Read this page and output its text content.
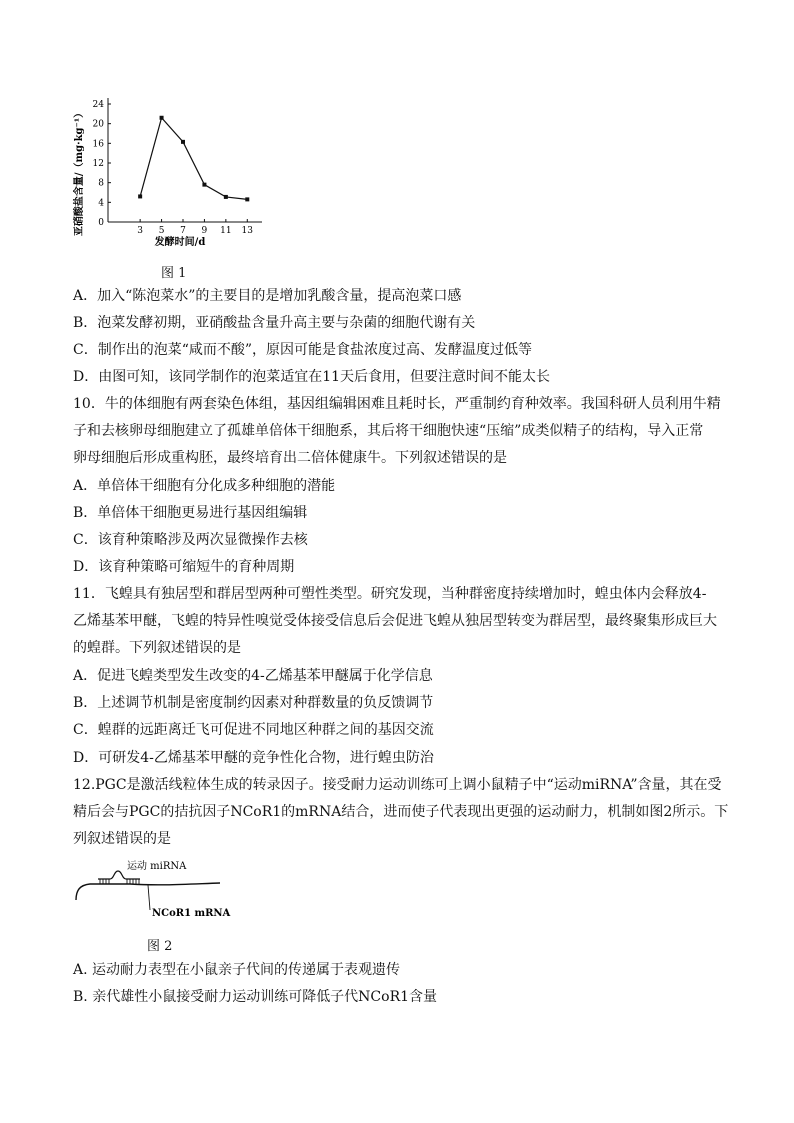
0
4
8
12
16
20
24
3 5 7 9 11 13
亚硝酸盐含量/（mg·kg⁻¹）
发酵时间/d
图 1
A．加入“陈泡菜水”的主要目的是增加乳酸含量，提高泡菜口感
B．泡菜发酵初期，亚硝酸盐含量升高主要与杂菌的细胞代谢有关
C．制作出的泡菜“咸而不酸”，原因可能是食盐浓度过高、发酵温度过低等
D．由图可知，该同学制作的泡菜适宜在11天后食用，但要注意时间不能太长
10．牛的体细胞有两套染色体组，基因组编辑困难且耗时长，严重制约育种效率。我国科研人员利用牛精
子和去核卵母细胞建立了孤雄单倍体干细胞系，其后将干细胞快速“压缩”成类似精子的结构，导入正常
卵母细胞后形成重构胚，最终培育出二倍体健康牛。下列叙述错误的是
A．单倍体干细胞有分化成多种细胞的潜能
B．单倍体干细胞更易进行基因组编辑
C．该育种策略涉及两次显微操作去核
D．该育种策略可缩短牛的育种周期
11．飞蝗具有独居型和群居型两种可塑性类型。研究发现，当种群密度持续增加时，蝗虫体内会释放4-
乙烯基苯甲醚，飞蝗的特异性嗅觉受体接受信息后会促进飞蝗从独居型转变为群居型，最终聚集形成巨大
的蝗群。下列叙述错误的是
A．促进飞蝗类型发生改变的4-乙烯基苯甲醚属于化学信息
B．上述调节机制是密度制约因素对种群数量的负反馈调节
C．蝗群的远距离迁飞可促进不同地区种群之间的基因交流
D．可研发4-乙烯基苯甲醚的竞争性化合物，进行蝗虫防治
12.PGC是激活线粒体生成的转录因子。接受耐力运动训练可上调小鼠精子中“运动miRNA”含量，其在受
精后会与PGC的拮抗因子NCoR1的mRNA结合，进而使子代表现出更强的运动耐力，机制如图2所示。下
列叙述错误的是
运动 miRNA
NCoR1 mRNA
图 2
A. 运动耐力表型在小鼠亲子代间的传递属于表观遗传
B. 亲代雄性小鼠接受耐力运动训练可降低子代NCoR1含量
